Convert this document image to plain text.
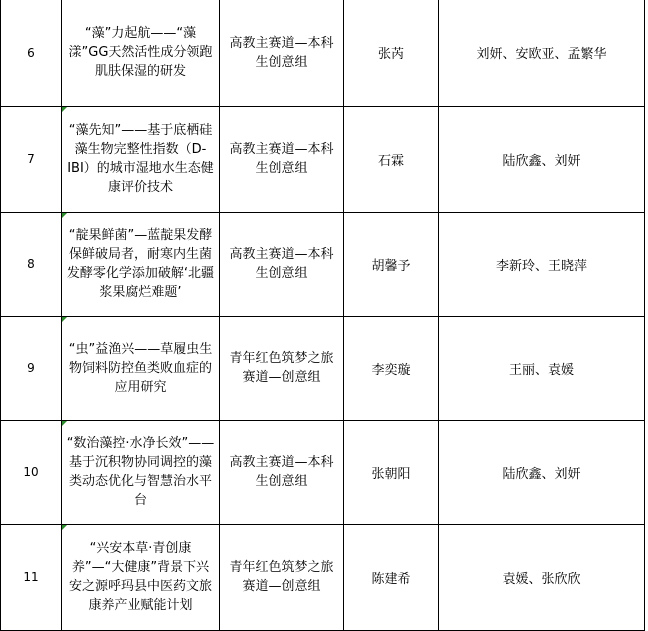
6	“藻”力起航——“藻漾”GG天然活性成分领跑肌肤保湿的研发	高教主赛道—本科生创意组	张芮	刘妍、安欧亚、孟繁华
7	“藻先知”——基于底栖硅藻生物完整性指数（D-IBI）的城市湿地水生态健康评价技术	高教主赛道—本科生创意组	石霖	陆欣鑫、刘妍
8	“靛果鲜菌”—蓝靛果发酵保鲜破局者，耐寒内生菌发酵零化学添加破解‘北疆浆果腐烂难题’	高教主赛道—本科生创意组	胡馨予	李新玲、王晓萍
9	“虫”益渔兴——草履虫生物饲料防控鱼类败血症的应用研究	青年红色筑梦之旅赛道—创意组	李奕璇	王丽、袁媛
10	“数治藻控·水净长效”——基于沉积物协同调控的藻类动态优化与智慧治水平台	高教主赛道—本科生创意组	张朝阳	陆欣鑫、刘妍
11	“兴安本草·青创康养”—“大健康”背景下兴 安之源呼玛县中医药文旅康养产业赋能计划	青年红色筑梦之旅赛道—创意组	陈建希	袁媛、张欣欣
